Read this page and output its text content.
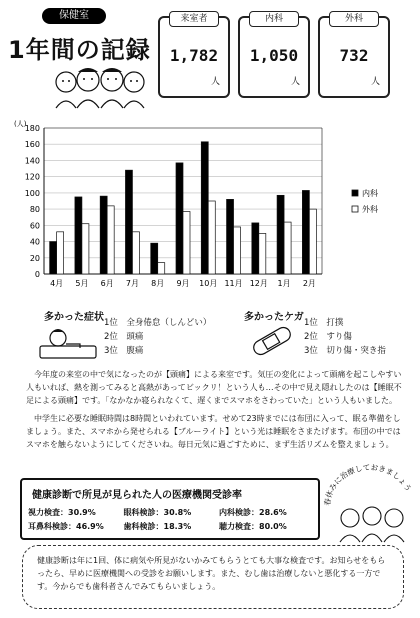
保健室
1年間の記録
来室者
1,782
人
内科
1,050
人
外科
732
人
(人)
0
20
40
60
80
100
120
140
160
180
4月 5月 6月 7月 8月 9月 10月 11月 12月 1月 2月
内科
外科
多かった症状 1位　全身倦怠（しんどい）
2位　頭痛
3位　腹痛
多かったケガ 1位　打撲
2位　すり傷
3位　切り傷・突き指
今年度の来室の中で気になったのが【頭痛】による来室です。気圧の変化によって頭痛を起こしやすい人もいれば、熱を測ってみると高熱があってビックリ！という人も…その中で見え隠れしたのは【睡眠不足による頭痛】です。「なかなか寝られなくて、遅くまでスマホをさわっていた」という人もいました。
中学生に必要な睡眠時間は8時間といわれています。せめて23時までには布団に入って、眠る準備をしましょう。また、スマホから発せられる【ブルーライト】という光は睡眠をさまたげます。布団の中ではスマホを触らないようにしてくださいね。毎日元気に過ごすために、まず生活リズムを整えましょう。
健康診断で所見が見られた人の医療機関受診率
視力検査：30.9%	眼科検診：30.8%	内科検診：28.6%
耳鼻科検診：46.9%	歯科検診：18.3%	聴力検査：80.0%
春休みに治療しておきましょう
健康診断は年に1回、体に病気や所見がないかみてもらうとても大事な検査です。お知らせをもらったら、早めに医療機関への受診をお願いします。また、むし歯は治療しないと悪化する一方です。今からでも歯科者さんでみてもらいましょう。
